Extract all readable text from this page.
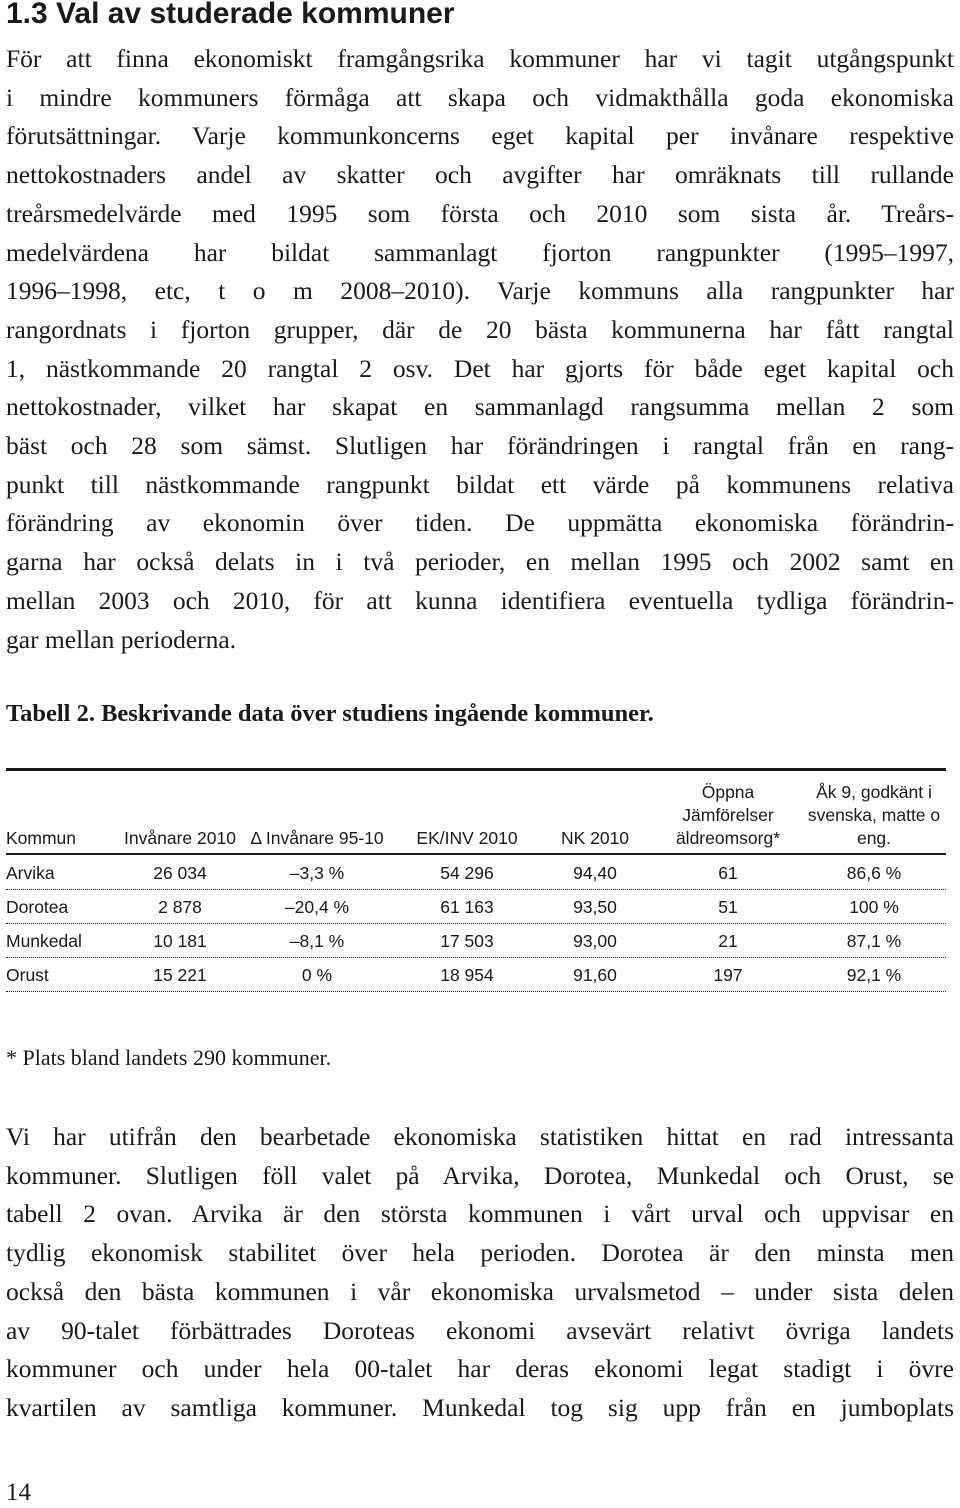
1.3 Val av studerade kommuner
För att finna ekonomiskt framgångsrika kommuner har vi tagit utgångspunkt
i mindre kommuners förmåga att skapa och vidmakthålla goda ekonomiska
förutsättningar. Varje kommunkoncerns eget kapital per invånare respektive
nettokostnaders andel av skatter och avgifter har omräknats till rullande
treårsmedelvärde med 1995 som första och 2010 som sista år. Treårs-
medelvärdena har bildat sammanlagt fjorton rangpunkter (1995–1997,
1996–1998, etc, t o m 2008–2010). Varje kommuns alla rangpunkter har
rangordnats i fjorton grupper, där de 20 bästa kommunerna har fått rangtal
1, nästkommande 20 rangtal 2 osv. Det har gjorts för både eget kapital och
nettokostnader, vilket har skapat en sammanlagd rangsumma mellan 2 som
bäst och 28 som sämst. Slutligen har förändringen i rangtal från en rang-
punkt till nästkommande rangpunkt bildat ett värde på kommunens relativa
förändring av ekonomin över tiden. De uppmätta ekonomiska förändrin-
garna har också delats in i två perioder, en mellan 1995 och 2002 samt en
mellan 2003 och 2010, för att kunna identifiera eventuella tydliga förändrin-
gar mellan perioderna.

Tabell 2. Beskrivande data över studiens ingående kommuner.

Kommun	Invånare 2010	Δ Invånare 95-10	EK/INV 2010	NK 2010	Öppna Jämförelser äldreomsorg*	Åk 9, godkänt i svenska, matte o eng.
Arvika	26 034	–3,3 %	54 296	94,40	61	86,6 %
Dorotea	2 878	–20,4 %	61 163	93,50	51	100 %
Munkedal	10 181	–8,1 %	17 503	93,00	21	87,1 %
Orust	15 221	0 %	18 954	91,60	197	92,1 %

* Plats bland landets 290 kommuner.

Vi har utifrån den bearbetade ekonomiska statistiken hittat en rad intressanta
kommuner. Slutligen föll valet på Arvika, Dorotea, Munkedal och Orust, se
tabell 2 ovan. Arvika är den största kommunen i vårt urval och uppvisar en
tydlig ekonomisk stabilitet över hela perioden. Dorotea är den minsta men
också den bästa kommunen i vår ekonomiska urvalsmetod – under sista delen
av 90-talet förbättrades Doroteas ekonomi avsevärt relativt övriga landets
kommuner och under hela 00-talet har deras ekonomi legat stadigt i övre
kvartilen av samtliga kommuner. Munkedal tog sig upp från en jumboplats

14
